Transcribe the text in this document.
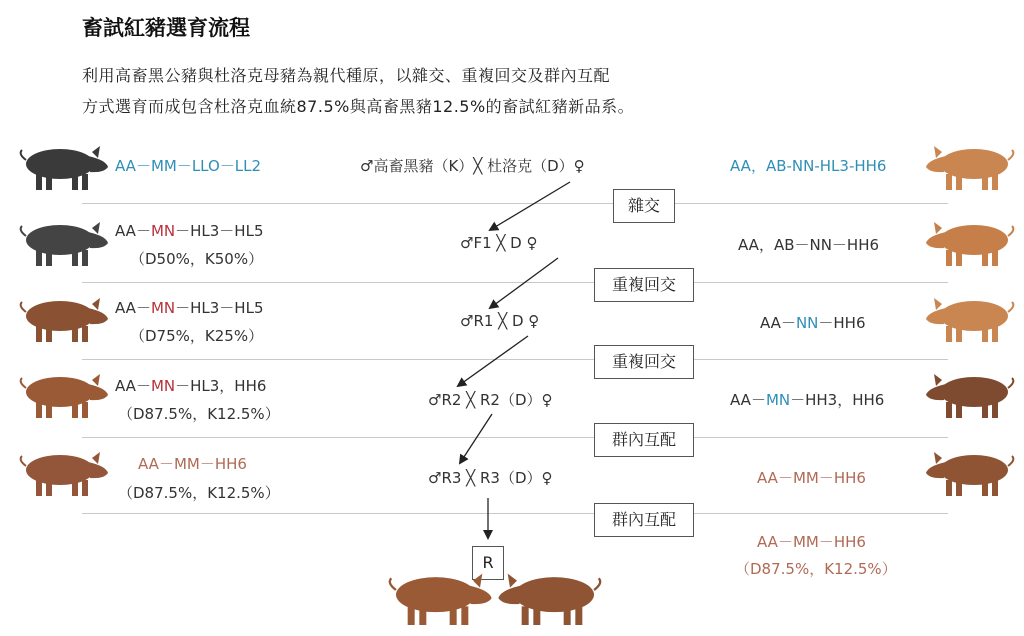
畜試紅豬選育流程
利用高畜黑公豬與杜洛克母豬為親代種原，以雜交、重複回交及群內互配
方式選育而成包含杜洛克血統87.5%與高畜黑豬12.5%的畜試紅豬新品系。
AA－MM－LLO－LL2	♂高畜黑豬（K）╳ 杜洛克（D）♀	AA，AB-NN-HL3-HH6
AA－MN－HL3－HL5
（D50%，K50%）
♂F1 ╳ D ♀	AA，AB－NN－HH6
AA－MN－HL3－HL5
（D75%，K25%）
♂R1 ╳ D ♀	AA－NN－HH6
AA－MN－HL3，HH6
（D87.5%，K12.5%）
♂R2 ╳ R2（D）♀	AA－MN－HH3，HH6
AA－MM－HH6
（D87.5%，K12.5%）
♂R3 ╳ R3（D）♀	AA－MM－HH6
AA－MM－HH6
（D87.5%，K12.5%）
雜交
重複回交
重複回交
群內互配
群內互配
R
